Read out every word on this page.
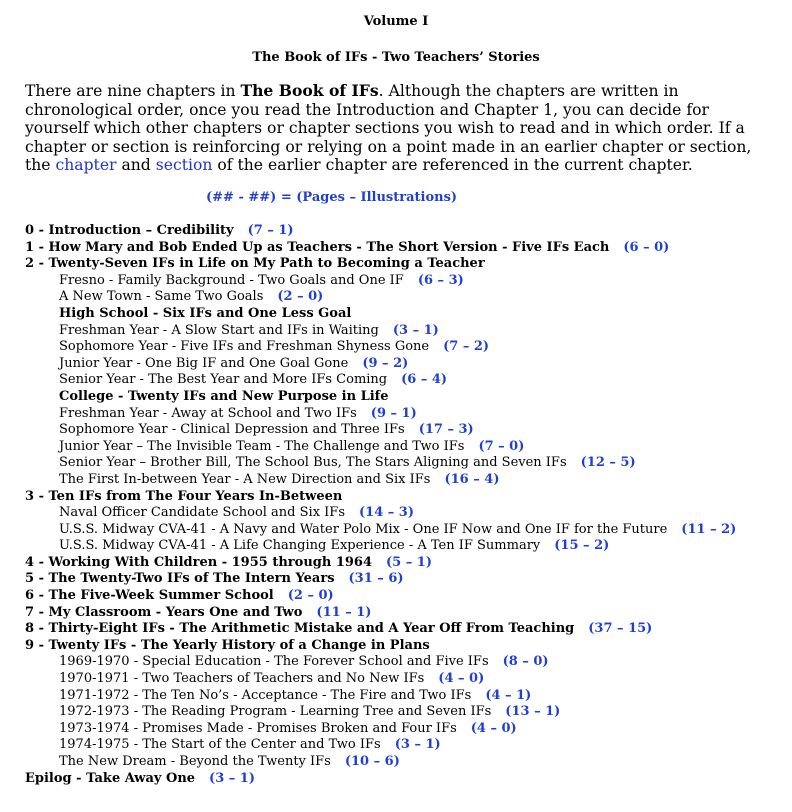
Volume I
The Book of IFs - Two Teachers’ Stories
There are nine chapters in The Book of IFs. Although the chapters are written in chronological order, once you read the Introduction and Chapter 1, you can decide for yourself which other chapters or chapter sections you wish to read and in which order. If a chapter or section is reinforcing or relying on a point made in an earlier chapter or section, the chapter and section of the earlier chapter are referenced in the current chapter.
(## - ##) = (Pages – Illustrations)
0 - Introduction – Credibility (7 – 1)
1 - How Mary and Bob Ended Up as Teachers - The Short Version - Five IFs Each (6 – 0)
2 - Twenty-Seven IFs in Life on My Path to Becoming a Teacher
Fresno - Family Background - Two Goals and One IF (6 – 3)
A New Town - Same Two Goals (2 – 0)
High School - Six IFs and One Less Goal
Freshman Year - A Slow Start and IFs in Waiting (3 – 1)
Sophomore Year - Five IFs and Freshman Shyness Gone (7 – 2)
Junior Year - One Big IF and One Goal Gone (9 – 2)
Senior Year - The Best Year and More IFs Coming (6 – 4)
College - Twenty IFs and New Purpose in Life
Freshman Year - Away at School and Two IFs (9 – 1)
Sophomore Year - Clinical Depression and Three IFs (17 – 3)
Junior Year – The Invisible Team - The Challenge and Two IFs (7 – 0)
Senior Year – Brother Bill, The School Bus, The Stars Aligning and Seven IFs (12 – 5)
The First In-between Year - A New Direction and Six IFs (16 – 4)
3 - Ten IFs from The Four Years In-Between
Naval Officer Candidate School and Six IFs (14 – 3)
U.S.S. Midway CVA-41 - A Navy and Water Polo Mix - One IF Now and One IF for the Future (11 – 2)
U.S.S. Midway CVA-41 - A Life Changing Experience - A Ten IF Summary (15 – 2)
4 - Working With Children - 1955 through 1964 (5 – 1)
5 - The Twenty-Two IFs of The Intern Years (31 – 6)
6 - The Five-Week Summer School (2 – 0)
7 - My Classroom - Years One and Two (11 – 1)
8 - Thirty-Eight IFs - The Arithmetic Mistake and A Year Off From Teaching (37 – 15)
9 - Twenty IFs - The Yearly History of a Change in Plans
1969-1970 - Special Education - The Forever School and Five IFs (8 – 0)
1970-1971 - Two Teachers of Teachers and No New IFs (4 – 0)
1971-1972 - The Ten No’s - Acceptance - The Fire and Two IFs (4 – 1)
1972-1973 - The Reading Program - Learning Tree and Seven IFs (13 – 1)
1973-1974 - Promises Made - Promises Broken and Four IFs (4 – 0)
1974-1975 - The Start of the Center and Two IFs (3 – 1)
The New Dream - Beyond the Twenty IFs (10 – 6)
Epilog - Take Away One (3 – 1)
